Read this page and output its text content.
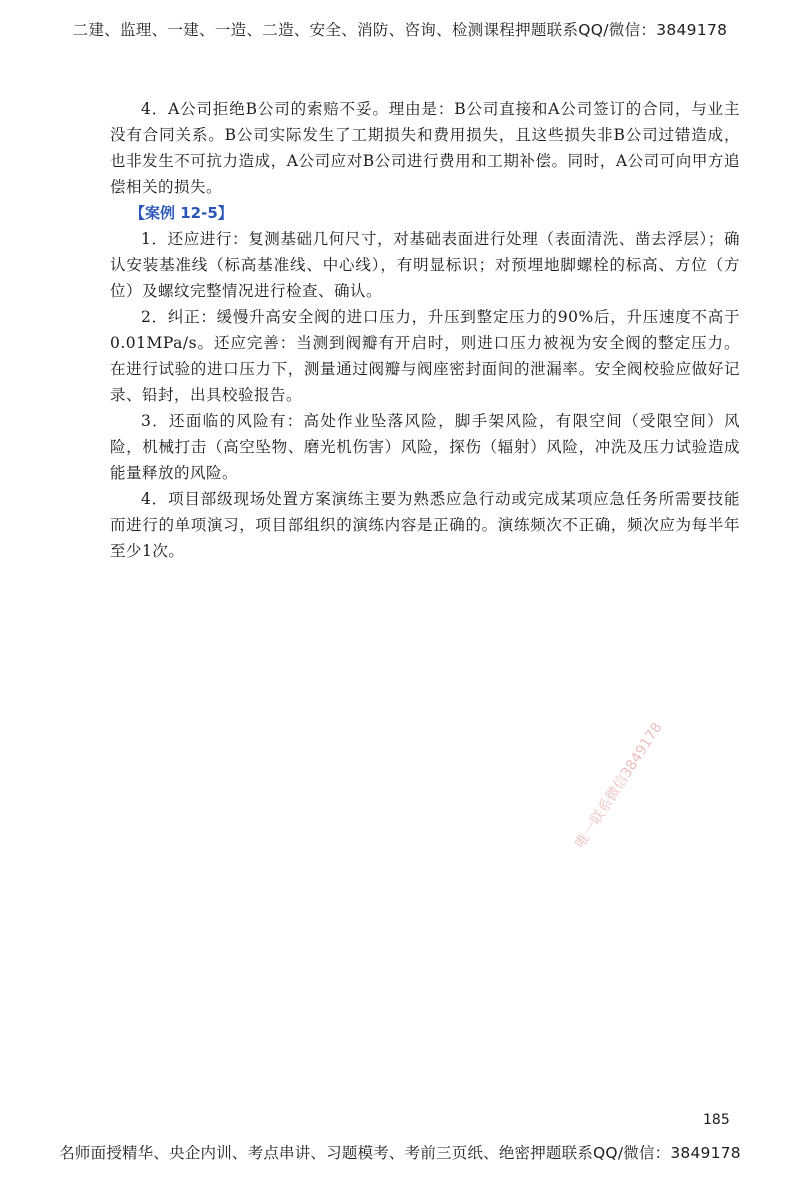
二建、监理、一建、一造、二造、安全、消防、咨询、检测课程押题联系QQ/微信：3849178

4．A公司拒绝B公司的索赔不妥。理由是：B公司直接和A公司签订的合同，与业主没有合同关系。B公司实际发生了工期损失和费用损失，且这些损失非B公司过错造成，也非发生不可抗力造成，A公司应对B公司进行费用和工期补偿。同时，A公司可向甲方追偿相关的损失。

【案例 12-5】

1．还应进行：复测基础几何尺寸，对基础表面进行处理（表面清洗、凿去浮层）；确认安装基准线（标高基准线、中心线），有明显标识；对预埋地脚螺栓的标高、方位（方位）及螺纹完整情况进行检查、确认。

2．纠正：缓慢升高安全阀的进口压力，升压到整定压力的90%后，升压速度不高于0.01MPa/s。还应完善：当测到阀瓣有开启时，则进口压力被视为安全阀的整定压力。在进行试验的进口压力下，测量通过阀瓣与阀座密封面间的泄漏率。安全阀校验应做好记录、铅封，出具校验报告。

3．还面临的风险有：高处作业坠落风险，脚手架风险，有限空间（受限空间）风险，机械打击（高空坠物、磨光机伤害）风险，探伤（辐射）风险，冲洗及压力试验造成能量释放的风险。

4．项目部级现场处置方案演练主要为熟悉应急行动或完成某项应急任务所需要技能而进行的单项演习，项目部组织的演练内容是正确的。演练频次不正确，频次应为每半年至少1次。

唯一联系微信3849178
185
名师面授精华、央企内训、考点串讲、习题模考、考前三页纸、绝密押题联系QQ/微信：3849178
